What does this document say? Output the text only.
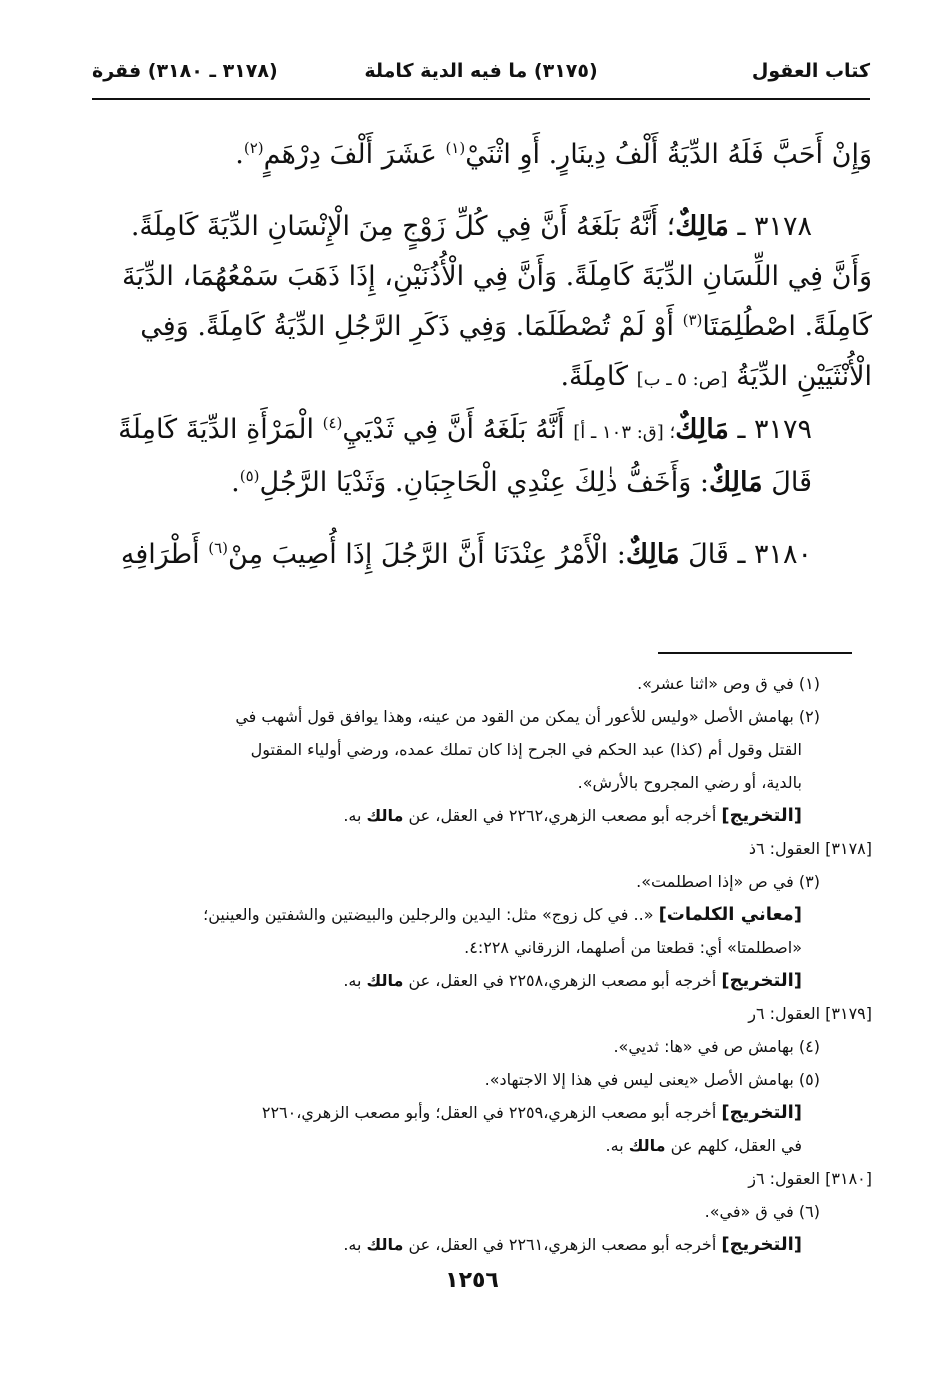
كتاب العقول
(٣١٧٥) ما فيه الدية كاملة
(٣١٧٨ ـ ٣١٨٠) فقرة
وَإِنْ أَحَبَّ فَلَهُ الدِّيَةُ أَلْفُ دِينَارٍ. أَوِ اثْنَيْ$^{(١)}$ عَشَرَ أَلْفَ دِرْهَمٍ$^{(٢)}$.
٣١٧٨ ـ مَالِكٌ؛ أَنَّهُ بَلَغَهُ أَنَّ فِي كُلِّ زَوْجٍ مِنَ الْإِنْسَانِ الدِّيَةَ كَامِلَةً.
وَأَنَّ فِي اللِّسَانِ الدِّيَةَ كَامِلَةً. وَأَنَّ فِي الْأُذُنَيْنِ، إِذَا ذَهَبَ سَمْعُهُمَا، الدِّيَةَ
كَامِلَةً. اصْطُلِمَتَا$^{(٣)}$ أَوْ لَمْ تُصْطَلَمَا. وَفِي ذَكَرِ الرَّجُلِ الدِّيَةُ كَامِلَةً. وَفِي
الْأُنْثَيَيْنِ الدِّيَةُ [ص: ٥ ـ ب] كَامِلَةً.
٣١٧٩ ـ مَالِكٌ؛ [ق: ١٠٣ ـ أ] أَنَّهُ بَلَغَهُ أَنَّ فِي ثَدْيَيِ$^{(٤)}$ الْمَرْأَةِ الدِّيَةَ كَامِلَةً
قَالَ مَالِكٌ: وَأَخَفُّ ذٰلِكَ عِنْدِي الْحَاجِبَانِ. وَثَدْيَا الرَّجُلِ$^{(٥)}$.
٣١٨٠ ـ قَالَ مَالِكٌ: الْأَمْرُ عِنْدَنَا أَنَّ الرَّجُلَ إِذَا أُصِيبَ مِنْ$^{(٦)}$ أَطْرَافِهِ
(١) في ق وص «اثنا عشر».
(٢) بهامش الأصل «وليس للأعور أن يمكن من القود من عينه، وهذا يوافق قول أشهب في
القتل وقول أم (كذا) عبد الحكم في الجرح إذا كان تملك عمده، ورضي أولياء المقتول
بالدية، أو رضي المجروح بالأرش».
[التخريج] أخرجه أبو مصعب الزهري،٢٢٦٢ في العقل، عن مالك به.
[٣١٧٨] العقول: ٦ذ
(٣) في ص «إذا اصطلمت».
[معاني الكلمات] «.. في كل زوج» مثل: اليدين والرجلين والبيضتين والشفتين والعينين؛
«اصطلمتا» أي: قطعتا من أصلهما، الزرقاني ٤:٢٢٨.
[التخريج] أخرجه أبو مصعب الزهري،٢٢٥٨ في العقل، عن مالك به.
[٣١٧٩] العقول: ٦ر
(٤) بهامش ص في «ها: ثديي».
(٥) بهامش الأصل «يعنى ليس في هذا إلا الاجتهاد».
[التخريج] أخرجه أبو مصعب الزهري،٢٢٥٩ في العقل؛ وأبو مصعب الزهري،٢٢٦٠
في العقل، كلهم عن مالك به.
[٣١٨٠] العقول: ٦ز
(٦) في ق «في».
[التخريج] أخرجه أبو مصعب الزهري،٢٢٦١ في العقل، عن مالك به.
١٢٥٦
